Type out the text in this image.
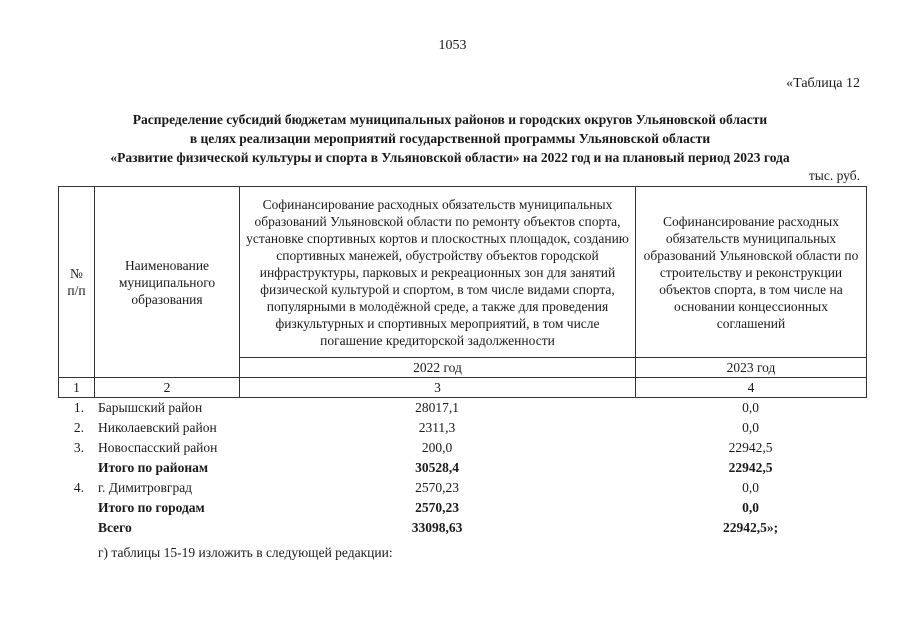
1053
«Таблица 12
Распределение субсидий бюджетам муниципальных районов и городских округов Ульяновской области
в целях реализации мероприятий государственной программы Ульяновской области
«Развитие физической культуры и спорта в Ульяновской области» на 2022 год и на плановый период 2023 года
тыс. руб.
№ п/п	Наименование муниципального образования	Софинансирование расходных обязательств муниципальных образований Ульяновской области по ремонту объектов спорта, установке спортивных кортов и плоскостных площадок, созданию спортивных манежей, обустройству объектов городской инфраструктуры, парковых и рекреационных зон для занятий физической культурой и спортом, в том числе видами спорта, популярными в молодёжной среде, а также для проведения физкультурных и спортивных мероприятий, в том числе погашение кредиторской задолженности	Софинансирование расходных обязательств муниципальных образований Ульяновской области по строительству и реконструкции объектов спорта, в том числе на основании концессионных соглашений
		2022 год	2023 год
1	2	3	4
1.	Барышский район	28017,1	0,0
2.	Николаевский район	2311,3	0,0
3.	Новоспасский район	200,0	22942,5
	Итого по районам	30528,4	22942,5
4.	г. Димитровград	2570,23	0,0
	Итого по городам	2570,23	0,0
	Всего	33098,63	22942,5»;
г) таблицы 15-19 изложить в следующей редакции:
